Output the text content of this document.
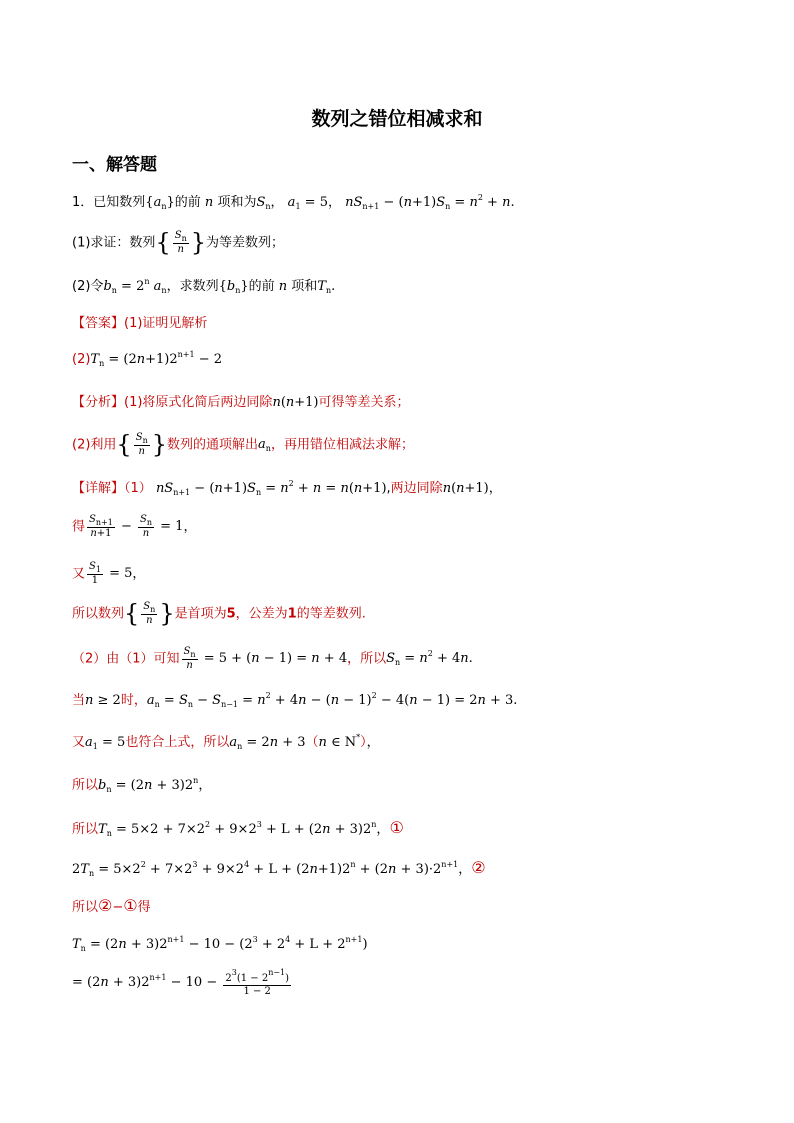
数列之错位相减求和
一、解答题
1．已知数列$\{a_n\}$的前 n 项和为$S_n$， $a_1 = 5$， $nS_{n+1} - (n+1)S_n = n^2 + n$.
(1)求证：数列{ $\frac{S_n}{n}$ }为等差数列；
(2)令$b_n = 2^n$ $a_n$，求数列$\{b_n\}$的前 n 项和$T_n$.
【答案】(1)证明见解析
$(2)T_n = (2n+1)2^{n+1} - 2$
【分析】(1)将原式化简后两边同除n(n+1)可得等差关系；
(2)利用{ $\frac{S_n}{n}$ }数列的通项解出$a_n$，再用错位相减法求解；
【详解】（1） $nS_{n+1} - (n+1)S_n = n^2 + n = n(n+1)$,两边同除n(n+1)，
得 $\frac{S_{n+1}}{n+1} - \frac{S_n}{n} = 1$，
又 $\frac{S_1}{1} = 5$，
所以数列{ $\frac{S_n}{n}$ }是首项为5，公差为1的等差数列.
（2）由（1）可知 $\frac{S_n}{n} = 5 + (n - 1) = n + 4$，所以$S_n = n^2 + 4n$.
当n ≥ 2时，$a_n = S_n - S_{n-1} = n^2 + 4n - (n - 1)^2 - 4(n - 1) = 2n + 3$.
又$a_1 = 5$也符合上式，所以$a_n = 2n + 3(n$ ∈ N*），
所以$b_n = (2n + 3)2^n$，
所以$T_n = 5\times 2 + 7\times 2^2 + 9\times 2^3 + L + (2n + 3)2^n$，①
$2T_n = 5\times 2^2 + 7\times 2^3 + 9\times 2^4 + L + (2n+1)2^n + (2n + 3)\cdot 2^{n+1}$，②
所以②−①得
$T_n = (2n + 3)2^{n+1} - 10 - (2^3 + 2^4 + L + 2^{n+1})$
= $(2n + 3)2^{n+1} - 10 - \frac{2^3(1 - 2^{n-1})}{1 - 2}$
